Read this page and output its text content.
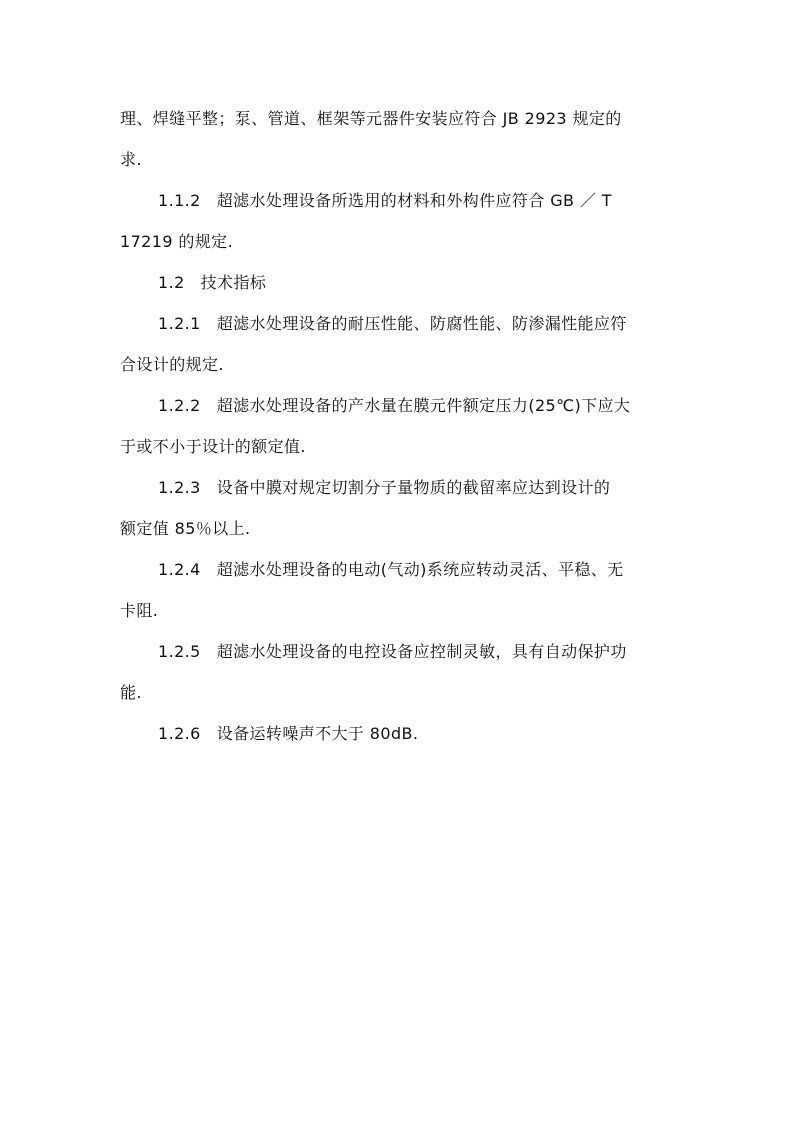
理、焊缝平整；泵、管道、框架等元器件安装应符合 JB 2923 规定的
求.

1.1.2 超滤水处理设备所选用的材料和外构件应符合 GB ／ T
17219 的规定.

1.2 技术指标

1.2.1 超滤水处理设备的耐压性能、防腐性能、防渗漏性能应符
合设计的规定.

1.2.2 超滤水处理设备的产水量在膜元件额定压力(25℃)下应大
于或不小于设计的额定值.

1.2.3 设备中膜对规定切割分子量物质的截留率应达到设计的
额定值 85％以上.

1.2.4 超滤水处理设备的电动(气动)系统应转动灵活、平稳、无
卡阻.

1.2.5 超滤水处理设备的电控设备应控制灵敏，具有自动保护功
能.

1.2.6 设备运转噪声不大于 80dB.
